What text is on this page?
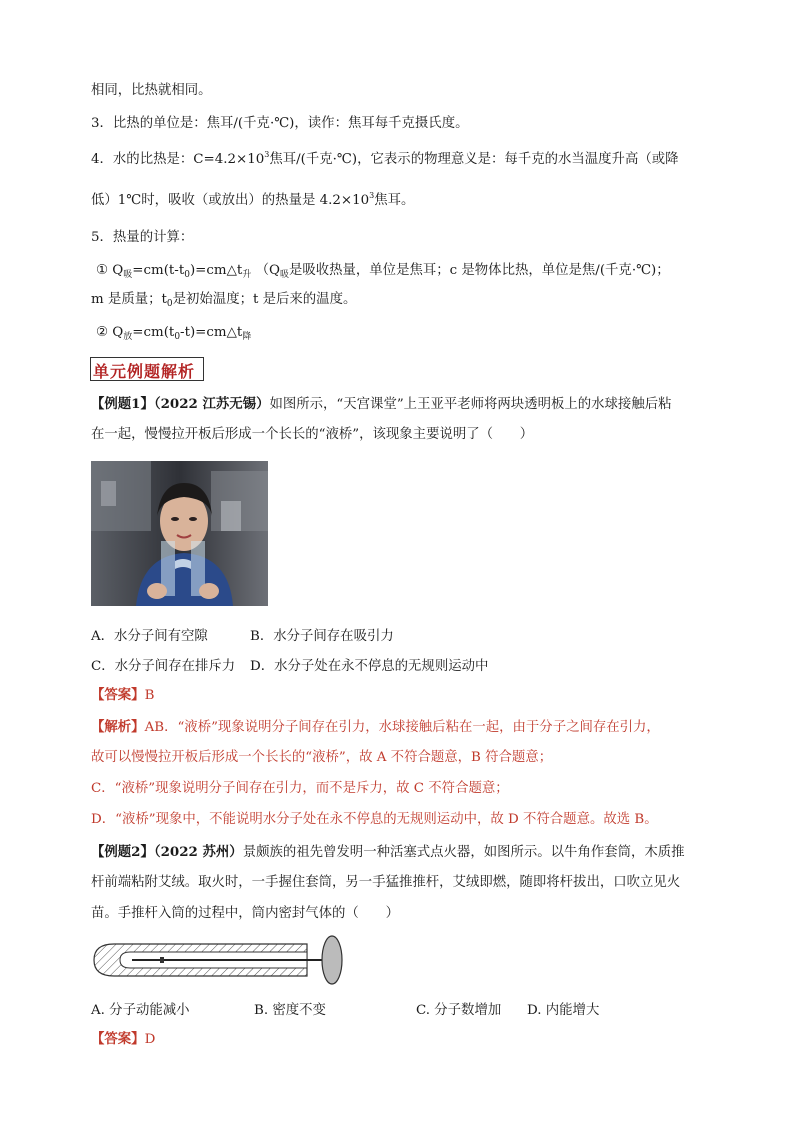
相同，比热就相同。
3．比热的单位是：焦耳/(千克·℃)，读作：焦耳每千克摄氏度。
4．水的比热是：$C=4.2\times 10^3$焦耳/(千克·℃)，它表示的物理意义是：每千克的水当温度升高（或降
低）1℃时，吸收（或放出）的热量是 $4.2\times 10^3$焦耳。
5．热量的计算：
① $Q_吸=cm(t-t_0)=cm\triangle t_升$ （$Q_吸$是吸收热量，单位是焦耳；c 是物体比热，单位是焦/(千克·℃)；
m 是质量；$t_0$是初始温度；t 是后来的温度。
② $Q_放=cm(t_0-t)=cm\triangle t_降$
单元例题解析
【例题1】（2022 江苏无锡）如图所示，“天宫课堂”上王亚平老师将两块透明板上的水球接触后粘
在一起，慢慢拉开板后形成一个长长的“液桥”，该现象主要说明了（　　）
A．水分子间有空隙	B．水分子间存在吸引力
C．水分子间存在排斥力 D．水分子处在永不停息的无规则运动中
【答案】B
【解析】AB．“液桥”现象说明分子间存在引力，水球接触后粘在一起，由于分子之间存在引力，
故可以慢慢拉开板后形成一个长长的“液桥”，故 A 不符合题意，B 符合题意；
C．“液桥”现象说明分子间存在引力，而不是斥力，故 C 不符合题意；
D．“液桥”现象中，不能说明水分子处在永不停息的无规则运动中，故 D 不符合题意。故选 B。
【例题2】（2022 苏州）景颇族的祖先曾发明一种活塞式点火器，如图所示。以牛角作套筒，木质推
杆前端粘附艾绒。取火时，一手握住套筒，另一手猛推推杆，艾绒即燃，随即将杆拔出，口吹立见火
苗。手推杆入筒的过程中，筒内密封气体的（　　）
A. 分子动能减小	B. 密度不变	C. 分子数增加 D. 内能增大
【答案】D
